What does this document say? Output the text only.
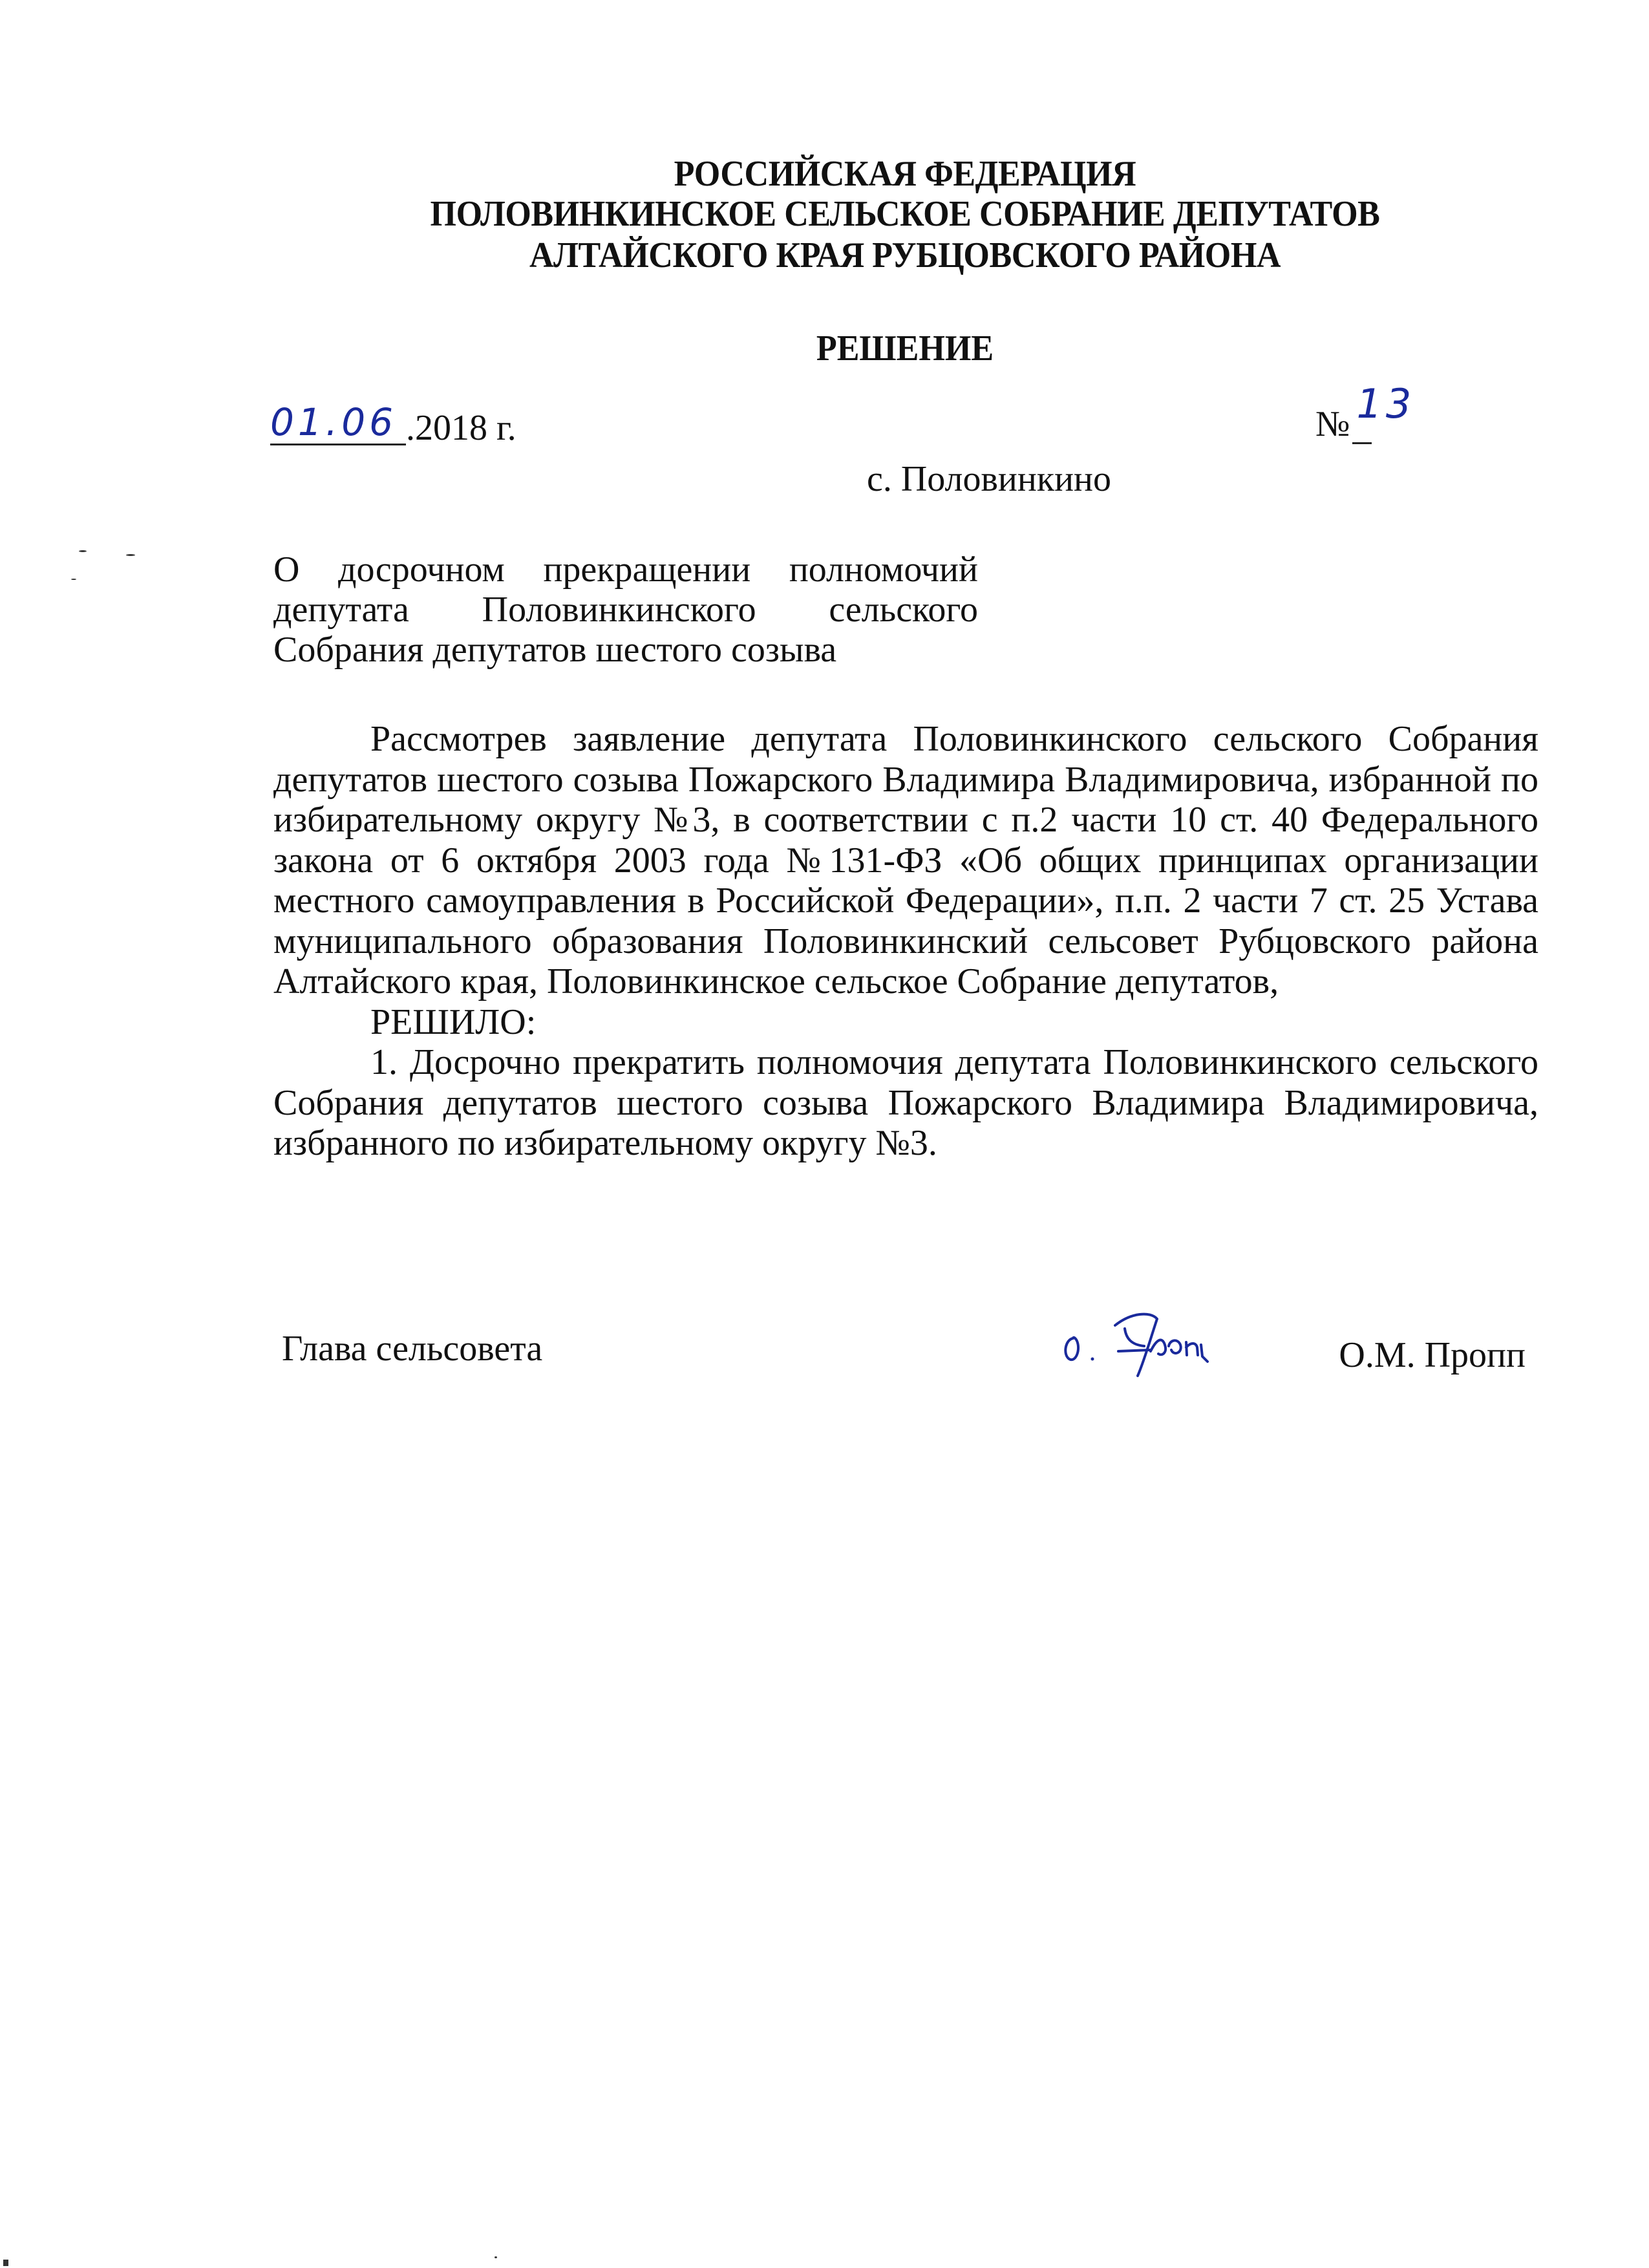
РОССИЙСКАЯ ФЕДЕРАЦИЯ
ПОЛОВИНКИНСКОЕ СЕЛЬСКОЕ СОБРАНИЕ ДЕПУТАТОВ
АЛТАЙСКОГО КРАЯ РУБЦОВСКОГО РАЙОНА
РЕШЕНИЕ
01.06 .2018 г.	№ 13
с. Половинкино
О досрочном прекращении полномочий депутата Половинкинского сельского Собрания депутатов шестого созыва

Рассмотрев заявление депутата Половинкинского сельского Собрания депутатов шестого созыва Пожарского Владимира Владимировича, избранной по избирательному округу №3, в соответствии с п.2 части 10 ст. 40 Федерального закона от 6 октября 2003 года №131-ФЗ «Об общих принципах организации местного самоуправления в Российской Федерации», п.п. 2 части 7 ст. 25 Устава муниципального образования Половинкинский сельсовет Рубцовского района Алтайского края, Половинкинское сельское Собрание депутатов,

РЕШИЛО:

1. Досрочно прекратить полномочия депутата Половинкинского сельского Собрания депутатов шестого созыва Пожарского Владимира Владимировича, избранного по избирательному округу №3.

Глава сельсовета	О.М. Пропп
